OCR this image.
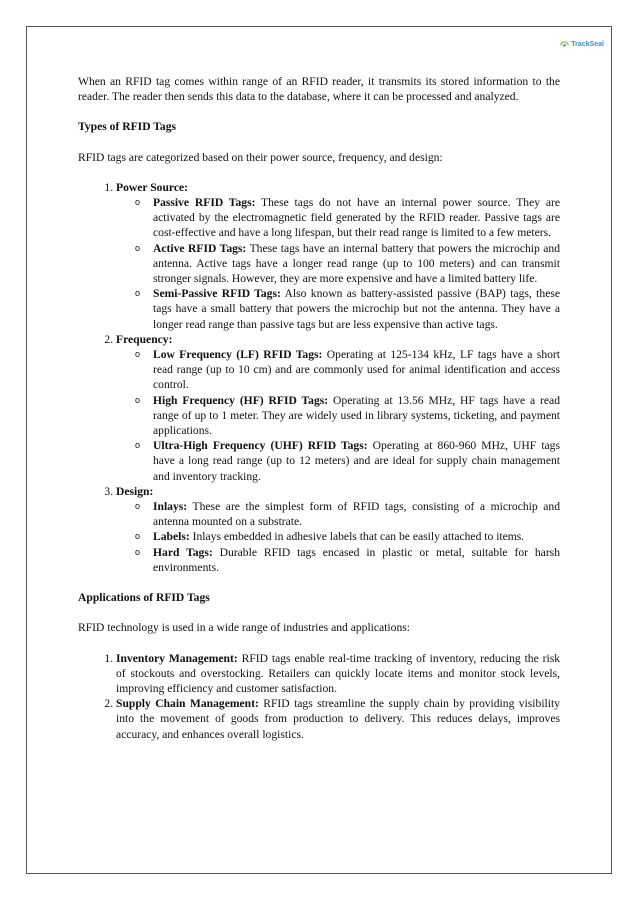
TrackSeal

When an RFID tag comes within range of an RFID reader, it transmits its stored information to the reader. The reader then sends this data to the database, where it can be processed and analyzed.

Types of RFID Tags

RFID tags are categorized based on their power source, frequency, and design:

1. Power Source:
o Passive RFID Tags: These tags do not have an internal power source. They are activated by the electromagnetic field generated by the RFID reader. Passive tags are cost-effective and have a long lifespan, but their read range is limited to a few meters.
o Active RFID Tags: These tags have an internal battery that powers the microchip and antenna. Active tags have a longer read range (up to 100 meters) and can transmit stronger signals. However, they are more expensive and have a limited battery life.
o Semi-Passive RFID Tags: Also known as battery-assisted passive (BAP) tags, these tags have a small battery that powers the microchip but not the antenna. They have a longer read range than passive tags but are less expensive than active tags.
2. Frequency:
o Low Frequency (LF) RFID Tags: Operating at 125-134 kHz, LF tags have a short read range (up to 10 cm) and are commonly used for animal identification and access control.
o High Frequency (HF) RFID Tags: Operating at 13.56 MHz, HF tags have a read range of up to 1 meter. They are widely used in library systems, ticketing, and payment applications.
o Ultra-High Frequency (UHF) RFID Tags: Operating at 860-960 MHz, UHF tags have a long read range (up to 12 meters) and are ideal for supply chain management and inventory tracking.
3. Design:
o Inlays: These are the simplest form of RFID tags, consisting of a microchip and antenna mounted on a substrate.
o Labels: Inlays embedded in adhesive labels that can be easily attached to items.
o Hard Tags: Durable RFID tags encased in plastic or metal, suitable for harsh environments.
Applications of RFID Tags

RFID technology is used in a wide range of industries and applications:

1. Inventory Management: RFID tags enable real-time tracking of inventory, reducing the risk of stockouts and overstocking. Retailers can quickly locate items and monitor stock levels, improving efficiency and customer satisfaction.
2. Supply Chain Management: RFID tags streamline the supply chain by providing visibility into the movement of goods from production to delivery. This reduces delays, improves accuracy, and enhances overall logistics.
